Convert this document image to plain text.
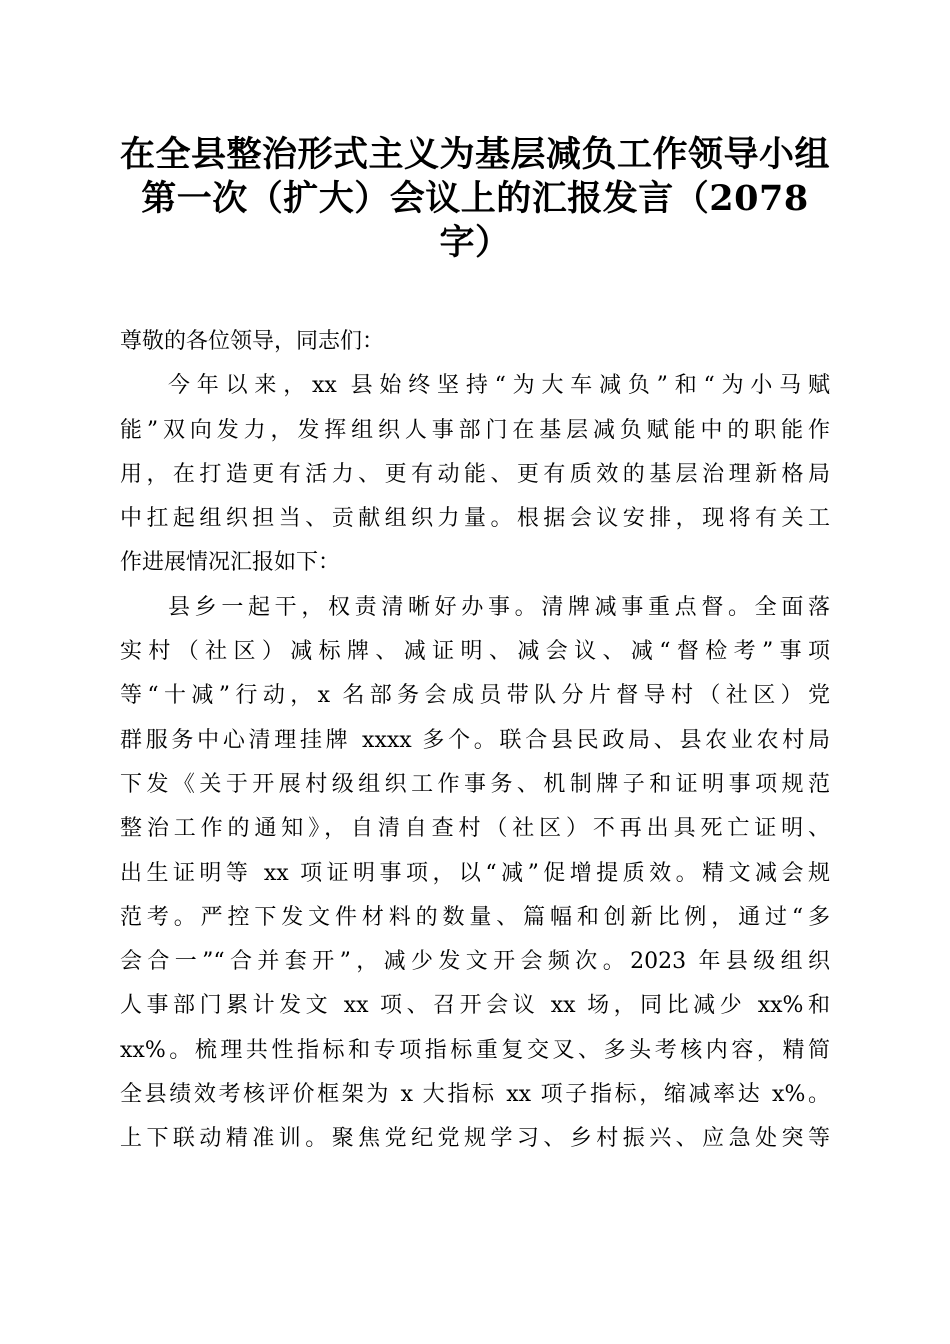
在全县整治形式主义为基层减负工作领导小组
第一次（扩大）会议上的汇报发言（2078
字）
尊敬的各位领导，同志们：
今年以来，xx 县始终坚持“为大车减负”和“为小马赋
能”双向发力，发挥组织人事部门在基层减负赋能中的职能作
用，在打造更有活力、更有动能、更有质效的基层治理新格局
中扛起组织担当、贡献组织力量。根据会议安排，现将有关工
作进展情况汇报如下：
县乡一起干，权责清晰好办事。清牌减事重点督。全面落
实村（社区）减标牌、减证明、减会议、减“督检考”事项
等“十减”行动，x 名部务会成员带队分片督导村（社区）党
群服务中心清理挂牌 xxxx 多个。联合县民政局、县农业农村局
下发《关于开展村级组织工作事务、机制牌子和证明事项规范
整治工作的通知》，自清自查村（社区）不再出具死亡证明、
出生证明等 xx 项证明事项，以“减”促增提质效。精文减会规
范考。严控下发文件材料的数量、篇幅和创新比例，通过“多
会合一”“合并套开”，减少发文开会频次。2023 年县级组织
人事部门累计发文 xx 项、召开会议 xx 场，同比减少 xx%和
xx%。梳理共性指标和专项指标重复交叉、多头考核内容，精简
全县绩效考核评价框架为 x 大指标 xx 项子指标，缩减率达 x%。
上下联动精准训。聚焦党纪党规学习、乡村振兴、应急处突等
